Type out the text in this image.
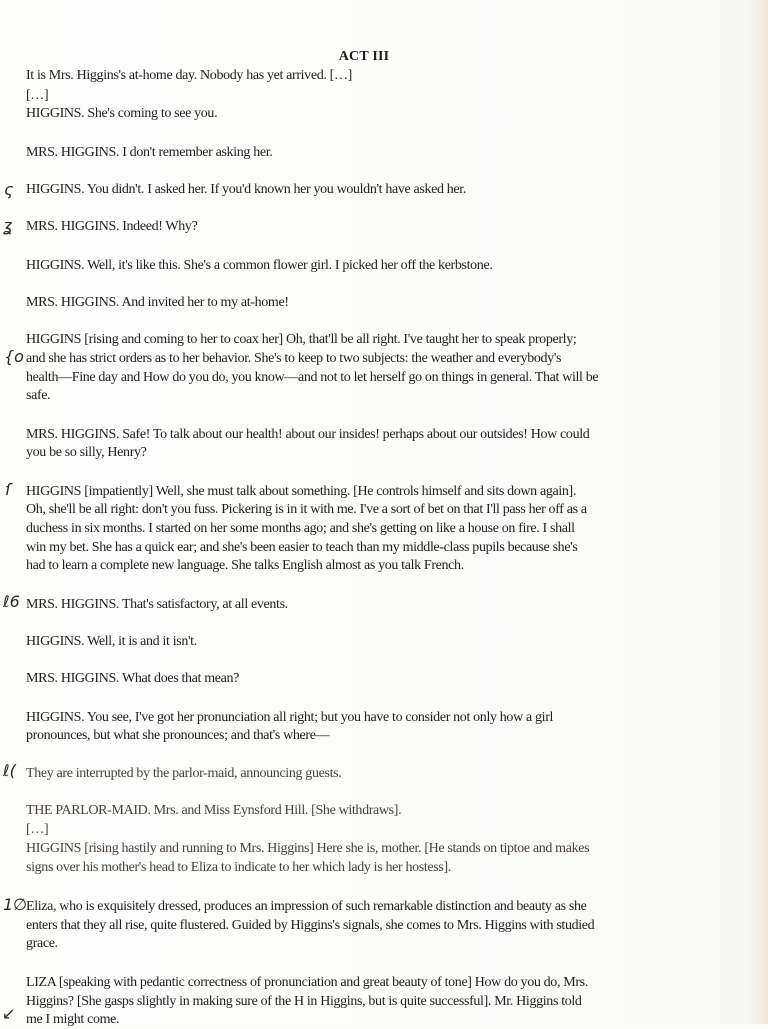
ACT III
It is Mrs. Higgins's at-home day. Nobody has yet arrived. […]
[…]
HIGGINS. She's coming to see you.
MRS. HIGGINS. I don't remember asking her.
HIGGINS. You didn't. I asked her. If you'd known her you wouldn't have asked her.
MRS. HIGGINS. Indeed! Why?
HIGGINS. Well, it's like this. She's a common flower girl. I picked her off the kerbstone.
MRS. HIGGINS. And invited her to my at-home!
HIGGINS [rising and coming to her to coax her] Oh, that'll be all right. I've taught her to speak properly;
and she has strict orders as to her behavior. She's to keep to two subjects: the weather and everybody's
health—Fine day and How do you do, you know—and not to let herself go on things in general. That will be
safe.
MRS. HIGGINS. Safe! To talk about our health! about our insides! perhaps about our outsides! How could
you be so silly, Henry?
HIGGINS [impatiently] Well, she must talk about something. [He controls himself and sits down again].
Oh, she'll be all right: don't you fuss. Pickering is in it with me. I've a sort of bet on that I'll pass her off as a
duchess in six months. I started on her some months ago; and she's getting on like a house on fire. I shall
win my bet. She has a quick ear; and she's been easier to teach than my middle-class pupils because she's
had to learn a complete new language. She talks English almost as you talk French.
MRS. HIGGINS. That's satisfactory, at all events.
HIGGINS. Well, it is and it isn't.
MRS. HIGGINS. What does that mean?
HIGGINS. You see, I've got her pronunciation all right; but you have to consider not only how a girl
pronounces, but what she pronounces; and that's where—
They are interrupted by the parlor-maid, announcing guests.
THE PARLOR-MAID. Mrs. and Miss Eynsford Hill. [She withdraws].
[…]
HIGGINS [rising hastily and running to Mrs. Higgins] Here she is, mother. [He stands on tiptoe and makes
signs over his mother's head to Eliza to indicate to her which lady is her hostess].
Eliza, who is exquisitely dressed, produces an impression of such remarkable distinction and beauty as she
enters that they all rise, quite flustered. Guided by Higgins's signals, she comes to Mrs. Higgins with studied
grace.
LIZA [speaking with pedantic correctness of pronunciation and great beauty of tone] How do you do, Mrs.
Higgins? [She gasps slightly in making sure of the H in Higgins, but is quite successful]. Mr. Higgins told
me I might come.
ς
ʓ
{o
ſ
ℓ6
ℓ(
1∅
↙
